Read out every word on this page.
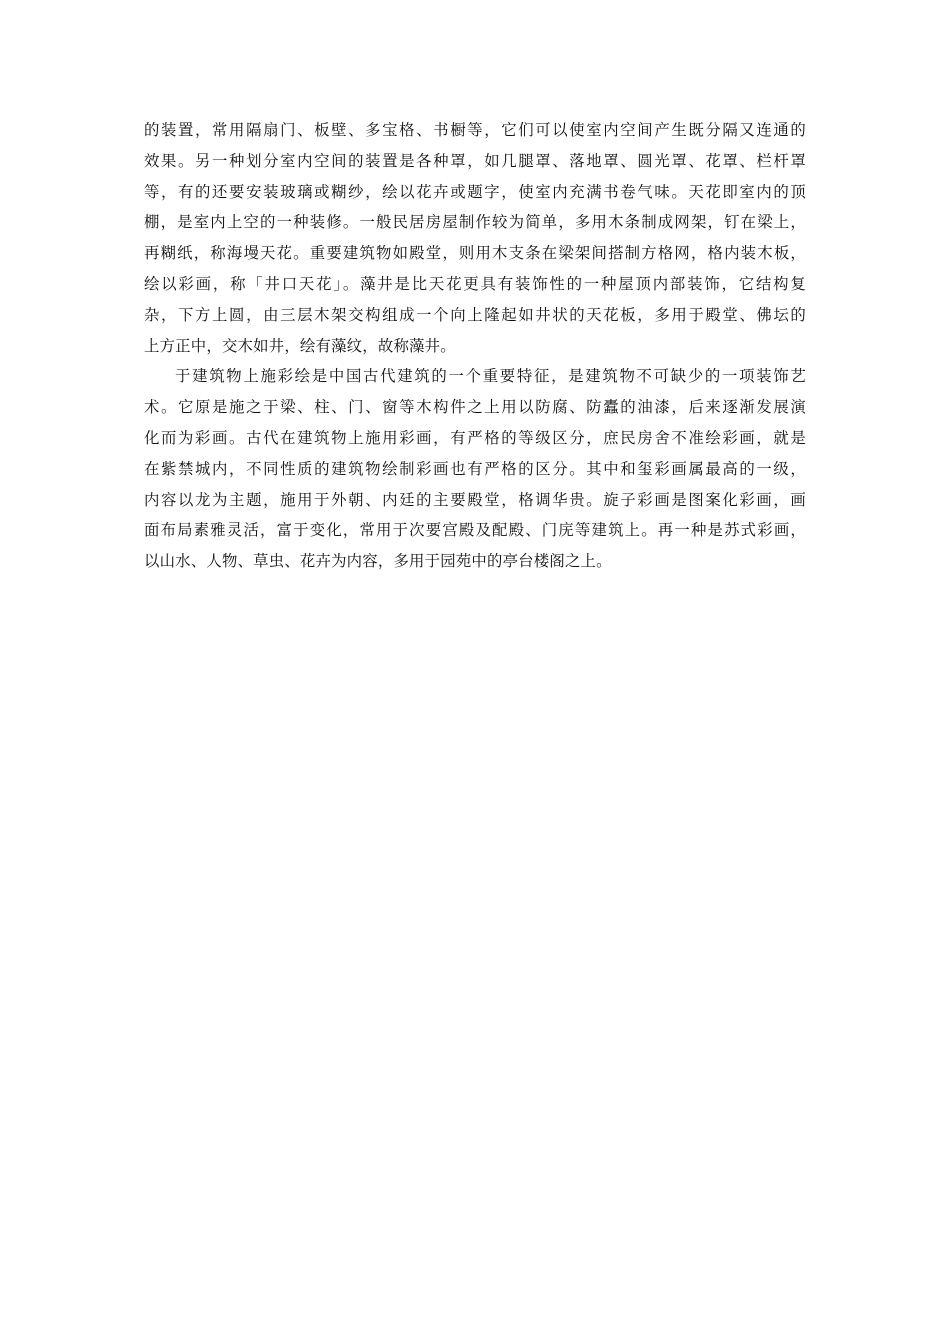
的装置，常用隔扇门、板壁、多宝格、书橱等，它们可以使室内空间产生既分隔又连通的
效果。另一种划分室内空间的装置是各种罩，如几腿罩、落地罩、圆光罩、花罩、栏杆罩
等，有的还要安装玻璃或糊纱，绘以花卉或题字，使室内充满书卷气味。天花即室内的顶
棚，是室内上空的一种装修。一般民居房屋制作较为简单，多用木条制成网架，钉在梁上，
再糊纸，称海墁天花。重要建筑物如殿堂，则用木支条在梁架间搭制方格网，格内装木板，
绘以彩画，称「井口天花」。藻井是比天花更具有装饰性的一种屋顶内部装饰，它结构复
杂，下方上圆，由三层木架交构组成一个向上隆起如井状的天花板，多用于殿堂、佛坛的
上方正中，交木如井，绘有藻纹，故称藻井。
于建筑物上施彩绘是中国古代建筑的一个重要特征，是建筑物不可缺少的一项装饰艺
术。它原是施之于梁、柱、门、窗等木构件之上用以防腐、防蠹的油漆，后来逐渐发展演
化而为彩画。古代在建筑物上施用彩画，有严格的等级区分，庶民房舍不准绘彩画，就是
在紫禁城内，不同性质的建筑物绘制彩画也有严格的区分。其中和玺彩画属最高的一级，
内容以龙为主题，施用于外朝、内廷的主要殿堂，格调华贵。旋子彩画是图案化彩画，画
面布局素雅灵活，富于变化，常用于次要宫殿及配殿、门庑等建筑上。再一种是苏式彩画，
以山水、人物、草虫、花卉为内容，多用于园苑中的亭台楼阁之上。
